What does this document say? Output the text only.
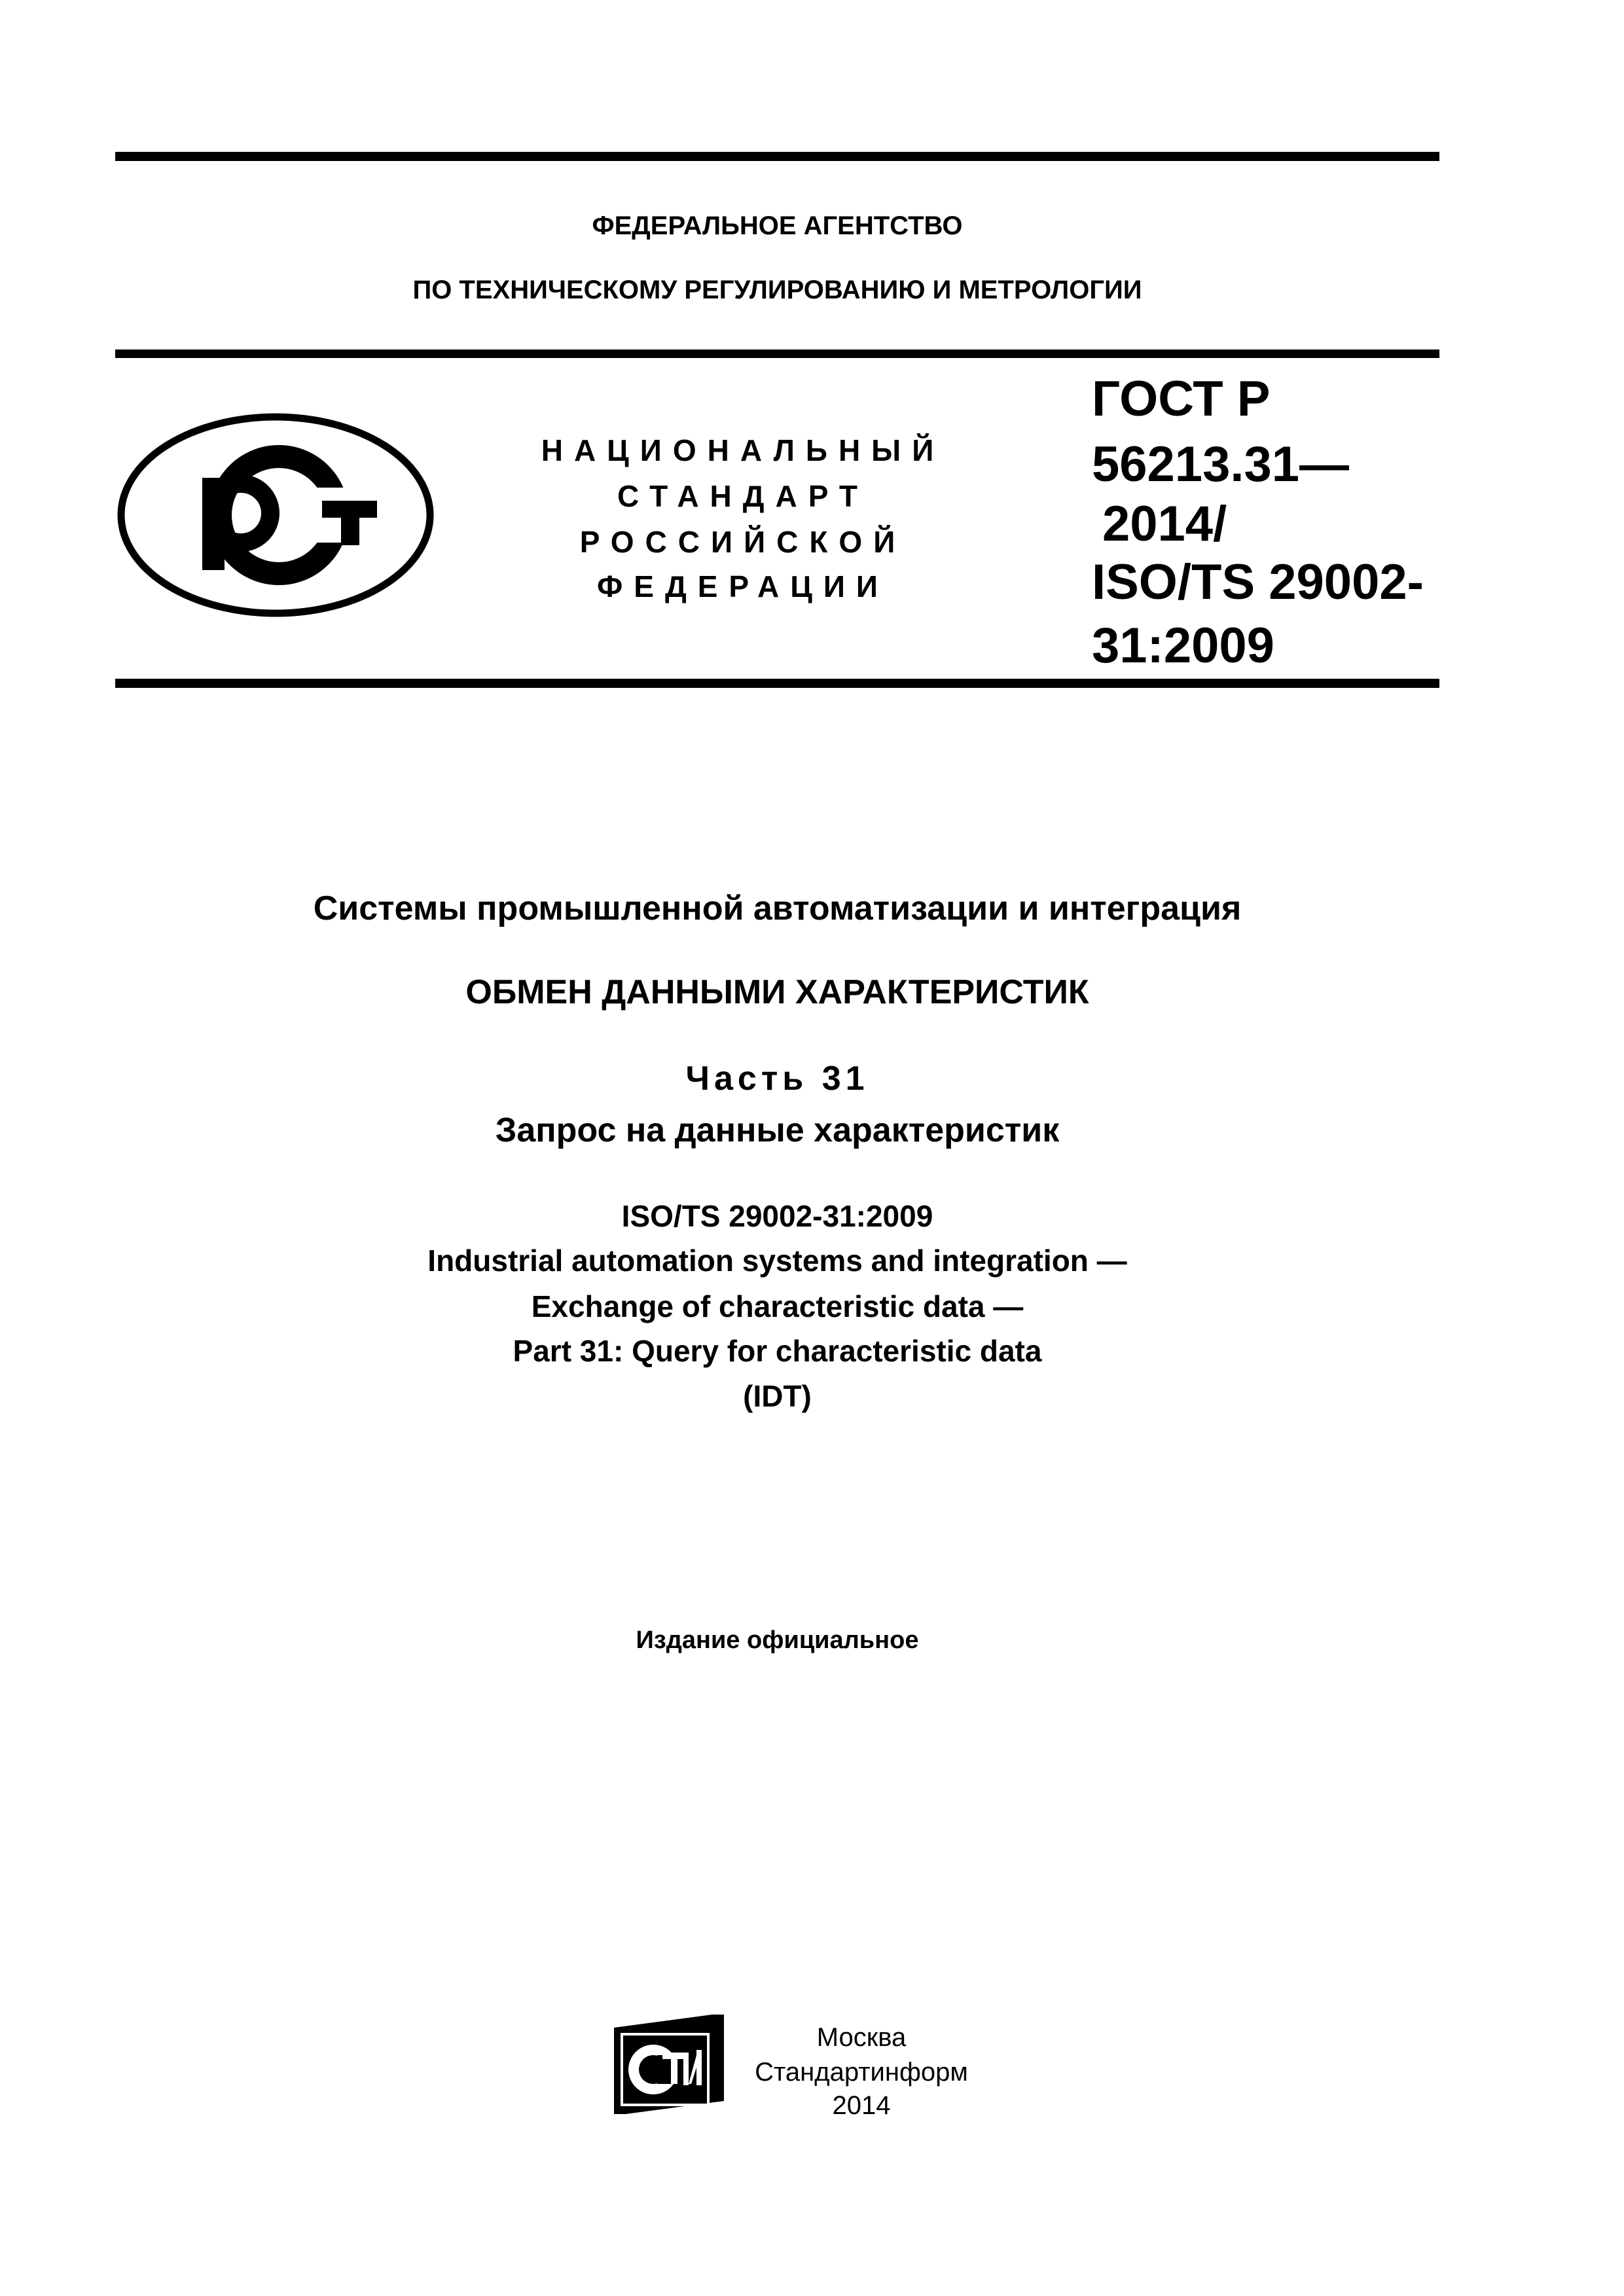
ФЕДЕРАЛЬНОЕ АГЕНТСТВО
ПО ТЕХНИЧЕСКОМУ РЕГУЛИРОВАНИЮ И МЕТРОЛОГИИ
НАЦИОНАЛЬНЫЙ
СТАНДАРТ
РОССИЙСКОЙ
ФЕДЕРАЦИИ
ГОСТ Р
56213.31—
2014/
ISO/TS 29002-
31:2009
Системы промышленной автоматизации и интеграция
ОБМЕН ДАННЫМИ ХАРАКТЕРИСТИК
Часть 31
Запрос на данные характеристик
ISO/TS 29002-31:2009
Industrial automation systems and integration —
Exchange of characteristic data —
Part 31: Query for characteristic data
(IDT)
Издание официальное
Москва
Стандартинформ
2014
